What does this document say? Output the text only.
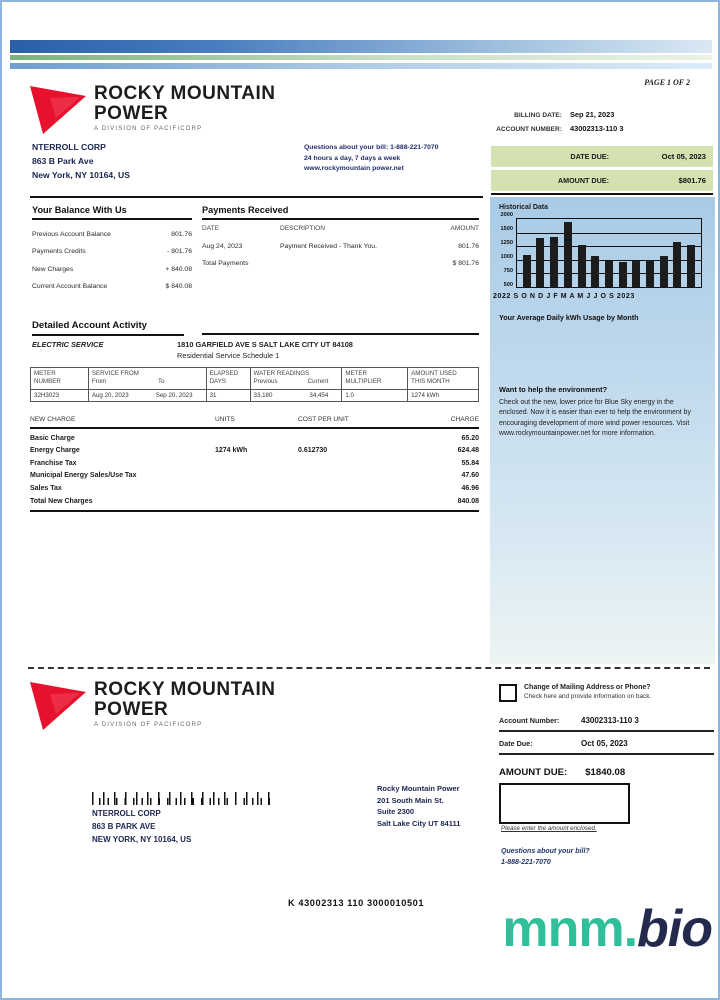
PAGE 1 OF 2
ROCKY MOUNTAIN
POWER
A DIVISION OF PACIFICORP
BILLING DATE: Sep 21, 2023
ACCOUNT NUMBER: 43002313-110 3
DATE DUE:	Oct 05, 2023
AMOUNT DUE:	$801.76
NTERROLL CORP
863 B Park Ave
New York, NY 10164, US
Questions about your bill: 1-888-221-7070
24 hours a day, 7 days a week
www.rockymountain power.net
Your Balance With Us
Previous Account Balance	801.76
Payments Credits	- 801.76
New Charges	+ 840.08
Current Account Balance	$ 840.08
Payments Received
DATE	DESCRIPTION	AMOUNT
Aug 24, 2023	Payment Received - Thank You.	801.76
Total Payments	$ 801.76
Detailed Account Activity
ELECTRIC SERVICE	1810 GARFIELD AVE S SALT LAKE CITY UT 84108
Residential Service Schedule 1
METER
NUMBER

SERVICE FROM
From	To

ELAPSED
DAYS

WATER READINGS
Previous	Current

METER
MULTIPLIER

AMOUNT USED
THIS MONTH

32H3023	Aug 20, 2023 Sep 20, 2023	31	33,180 34,454	1.0	1274 kWh
NEW CHARGE	UNITS	COST PER UNIT	CHARGE
Basic Charge	65.20
Energy Charge	1274 kWh	0.612730	624.48
Franchise Tax	55.84
Municipal Energy Sales/Use Tax	47.60
Sales Tax	46.96
Total New Charges	840.08
Historical Data
2000
1500
1250
1000
750
500
2022 S O N D J F M A M J J O S 2023
Your Average Daily kWh Usage by Month
Want to help the environment?
Check out the new, lower price for Blue Sky energy in the enclosed. Now it is easier than ever to help the environment by encouraging development of more wind power resources. Visit www.rockymountainpower.net for more information.
ROCKY MOUNTAIN
POWER
A DIVISION OF PACIFICORP
Change of Mailing Address or Phone?
Check here and provide information on back.
Account Number:	43002313-110 3
Date Due:	Oct 05, 2023
AMOUNT DUE: $1840.08
Please enter the amount enclosed.
Questions about your bill?
1-888-221-7070
Rocky Mountain Power
201 South Main St.
Suite 2300
Salt Lake City UT 84111
NTERROLL CORP
863 B PARK AVE
NEW YORK, NY 10164, US
K 43002313 110 3000010501 mnm.bio
